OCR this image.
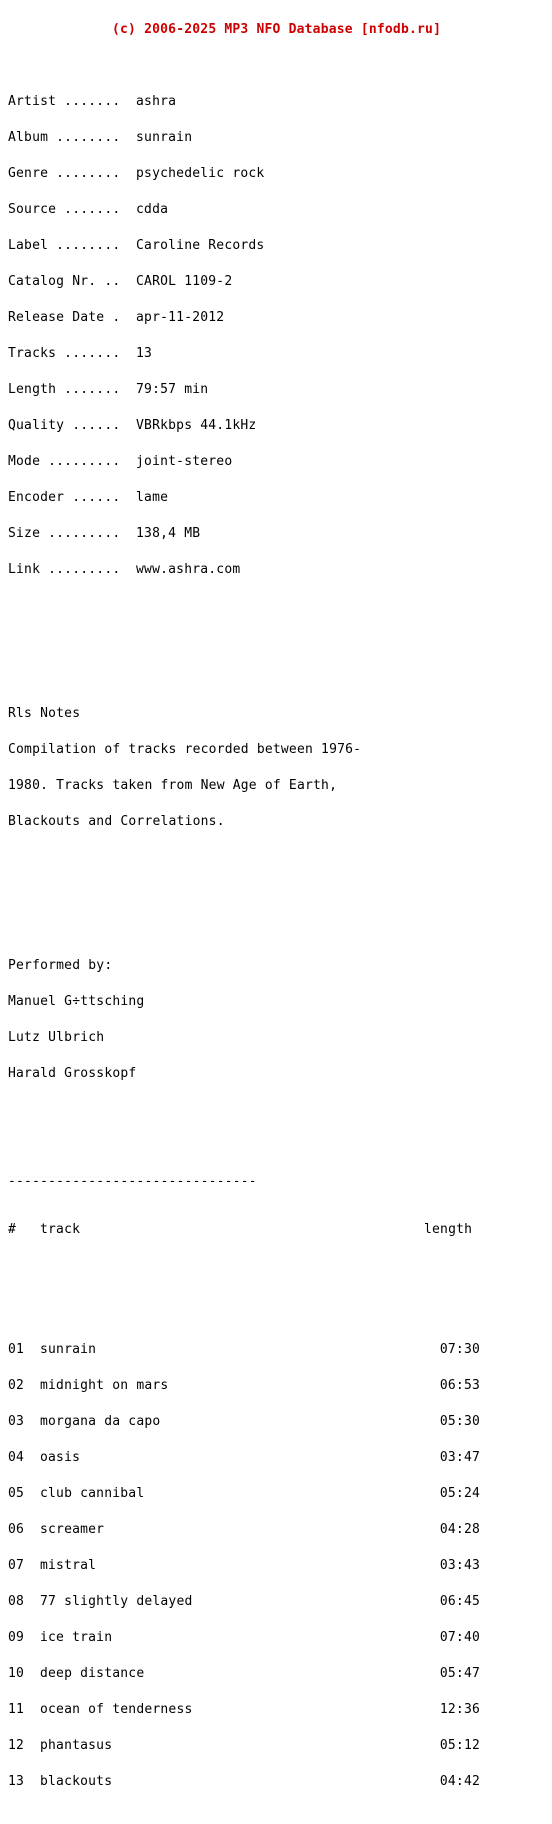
(c) 2006-2025 MP3 NFO Database [nfodb.ru]

Artist ....... ashra

Album ........ sunrain

Genre ........ psychedelic rock

Source ....... cdda

Label ........ Caroline Records

Catalog Nr. .. CAROL 1109-2

Release Date . apr-11-2012

Tracks ....... 13

Length ....... 79:57 min

Quality ...... VBRkbps 44.1kHz

Mode ......... joint-stereo

Encoder ...... lame

Size ......... 138,4 MB

Link ......... www.ashra.com

Rls Notes

Compilation of tracks recorded between 1976-

1980. Tracks taken from New Age of Earth,

Blackouts and Correlations.

Performed by:

Manuel G÷ttsching

Lutz Ulbrich

Harald Grosskopf

-------------------------------

# track	length

01 sunrain	07:30

02 midnight on mars	06:53

03 morgana da capo	05:30

04 oasis	03:47

05 club cannibal	05:24

06 screamer	04:28

07 mistral	03:43

08 77 slightly delayed	06:45

09 ice train	07:40

10 deep distance	05:47

11 ocean of tenderness	12:36

12 phantasus	05:12

13 blackouts	04:42
